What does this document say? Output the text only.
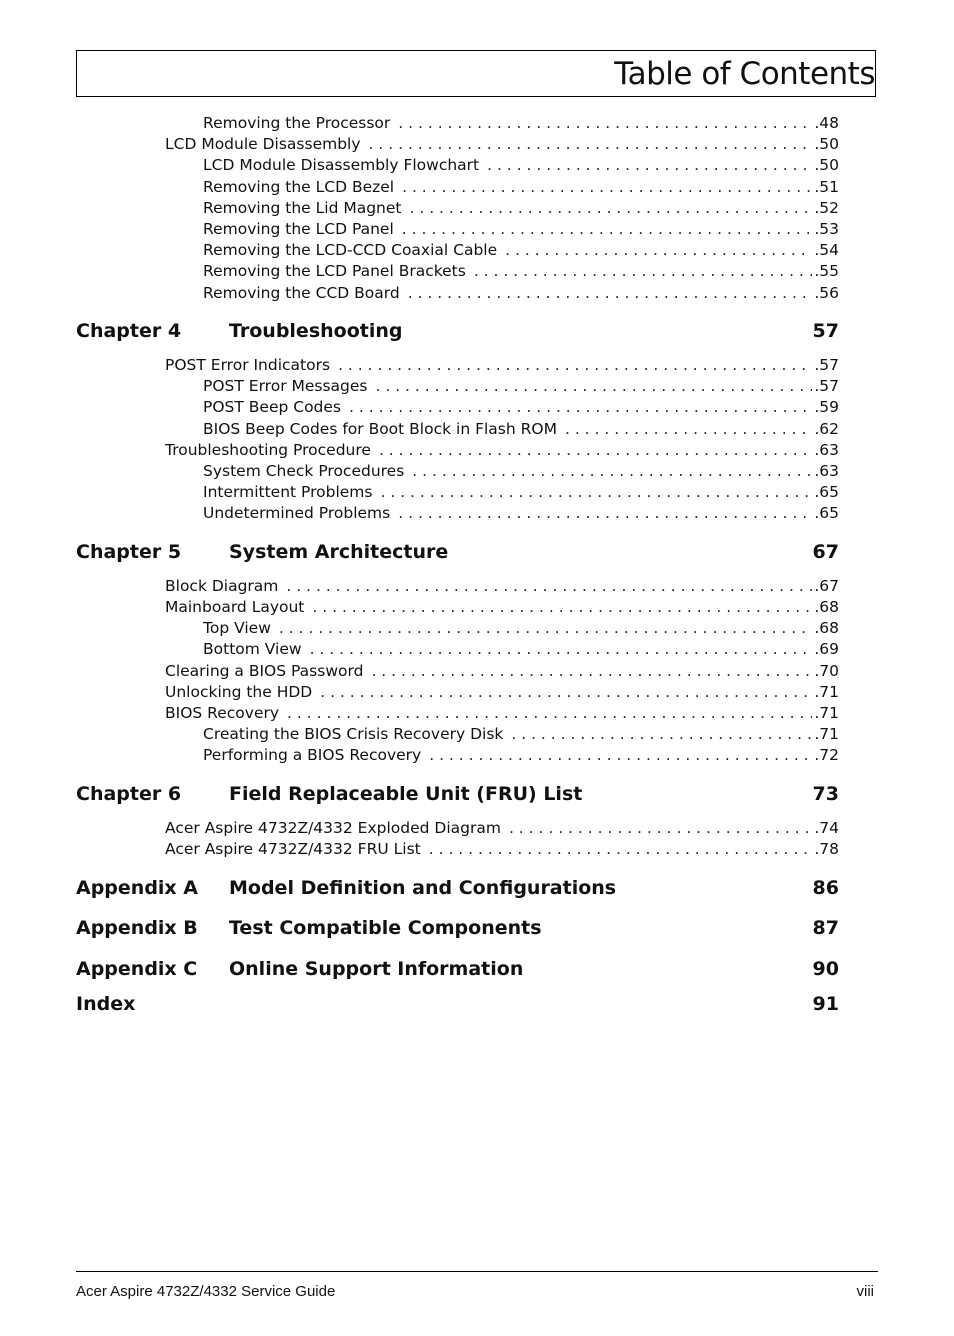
Table of Contents
Removing the Processor . . .	.48
LCD Module Disassembly . . .	.50
LCD Module Disassembly Flowchart . . .	.50
Removing the LCD Bezel . . .	.51
Removing the Lid Magnet . . .	.52
Removing the LCD Panel . . .	.53
Removing the LCD-CCD Coaxial Cable . . .	.54
Removing the LCD Panel Brackets . . .	.55
Removing the CCD Board . . .	.56
Chapter 4	Troubleshooting	57
POST Error Indicators . . .	.57
POST Error Messages . . .	.57
POST Beep Codes . . .	.59
BIOS Beep Codes for Boot Block in Flash ROM . . .	.62
Troubleshooting Procedure . . .	.63
System Check Procedures . . .	.63
Intermittent Problems . . .	.65
Undetermined Problems . . .	.65
Chapter 5	System Architecture	67
Block Diagram . . .	.67
Mainboard Layout . . .	.68
Top View . . .	.68
Bottom View . . .	.69
Clearing a BIOS Password . . .	.70
Unlocking the HDD . . .	.71
BIOS Recovery . . .	.71
Creating the BIOS Crisis Recovery Disk . . .	.71
Performing a BIOS Recovery . . .	.72
Chapter 6	Field Replaceable Unit (FRU) List	73
Acer Aspire 4732Z/4332 Exploded Diagram . . .	.74
Acer Aspire 4732Z/4332 FRU List . . .	.78
Appendix A Model Definition and Configurations	86
Appendix B Test Compatible Components	87
Appendix C Online Support Information	90
Index	91
Acer Aspire 4732Z/4332 Service Guide	viii
